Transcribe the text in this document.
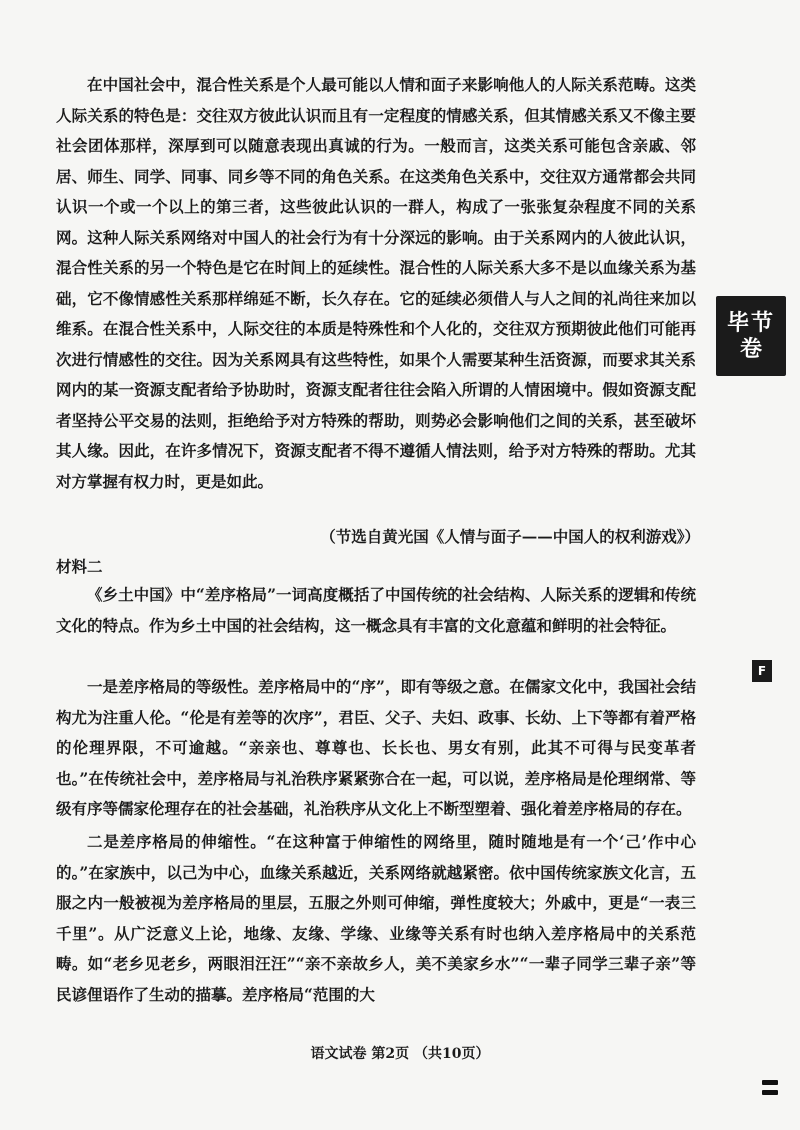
在中国社会中，混合性关系是个人最可能以人情和面子来影响他人的人际关系范畴。这类人际关系的特色是：交往双方彼此认识而且有一定程度的情感关系，但其情感关系又不像主要社会团体那样，深厚到可以随意表现出真诚的行为。一般而言，这类关系可能包含亲戚、邻居、师生、同学、同事、同乡等不同的角色关系。在这类角色关系中，交往双方通常都会共同认识一个或一个以上的第三者，这些彼此认识的一群人，构成了一张张复杂程度不同的关系网。这种人际关系网络对中国人的社会行为有十分深远的影响。由于关系网内的人彼此认识，混合性关系的另一个特色是它在时间上的延续性。混合性的人际关系大多不是以血缘关系为基础，它不像情感性关系那样绵延不断，长久存在。它的延续必须借人与人之间的礼尚往来加以维系。在混合性关系中，人际交往的本质是特殊性和个人化的，交往双方预期彼此他们可能再次进行情感性的交往。因为关系网具有这些特性，如果个人需要某种生活资源，而要求其关系网内的某一资源支配者给予协助时，资源支配者往往会陷入所谓的人情困境中。假如资源支配者坚持公平交易的法则，拒绝给予对方特殊的帮助，则势必会影响他们之间的关系，甚至破坏其人缘。因此，在许多情况下，资源支配者不得不遵循人情法则，给予对方特殊的帮助。尤其对方掌握有权力时，更是如此。

（节选自黄光国《人情与面子——中国人的权利游戏》）

材料二

《乡土中国》中“差序格局”一词高度概括了中国传统的社会结构、人际关系的逻辑和传统文化的特点。作为乡土中国的社会结构，这一概念具有丰富的文化意蕴和鲜明的社会特征。

一是差序格局的等级性。差序格局中的“序”，即有等级之意。在儒家文化中，我国社会结构尤为注重人伦。“伦是有差等的次序”，君臣、父子、夫妇、政事、长幼、上下等都有着严格的伦理界限，不可逾越。“亲亲也、尊尊也、长长也、男女有别，此其不可得与民变革者也。”在传统社会中，差序格局与礼治秩序紧紧弥合在一起，可以说，差序格局是伦理纲常、等级有序等儒家伦理存在的社会基础，礼治秩序从文化上不断型塑着、强化着差序格局的存在。

二是差序格局的伸缩性。“在这种富于伸缩性的网络里，随时随地是有一个‘己’作中心的。”在家族中，以己为中心，血缘关系越近，关系网络就越紧密。依中国传统家族文化言，五服之内一般被视为差序格局的里层，五服之外则可伸缩，弹性度较大；外戚中，更是“一表三千里”。从广泛意义上论，地缘、友缘、学缘、业缘等关系有时也纳入差序格局中的关系范畴。如“老乡见老乡，两眼泪汪汪”“亲不亲故乡人，美不美家乡水”“一辈子同学三辈子亲”等民谚俚语作了生动的描摹。差序格局“范围的大

毕节
卷
F
语文试卷 第2页 （共10页）
